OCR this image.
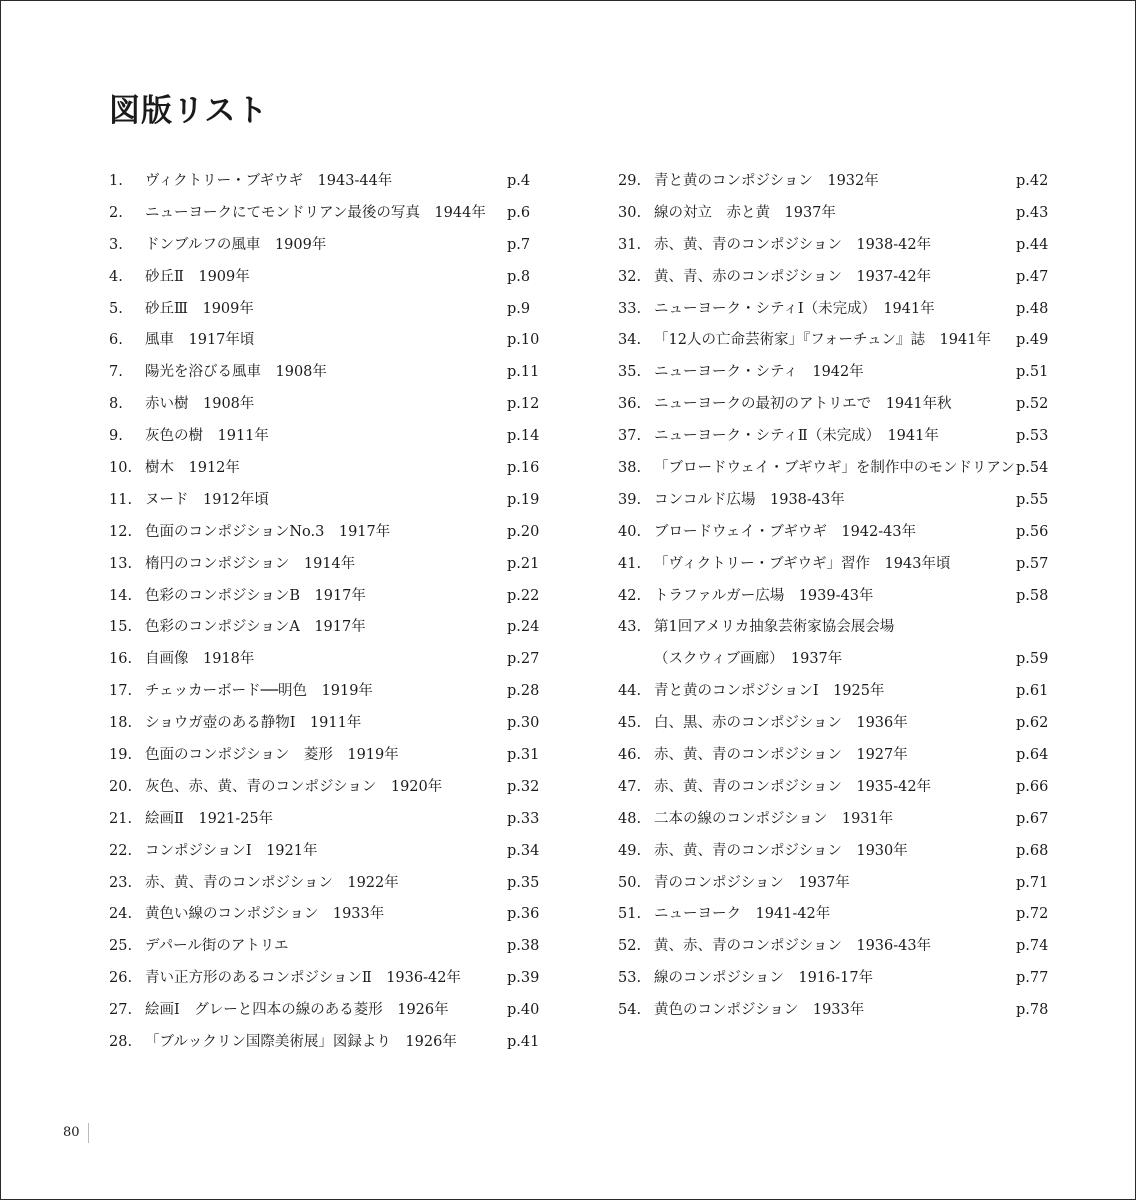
図版リスト
1. ヴィクトリー・ブギウギ　1943-44年	p.4
2. ニューヨークにてモンドリアン最後の写真　1944年 p.6
3. ドンブルフの風車　1909年	p.7
4. 砂丘Ⅱ　1909年	p.8
5. 砂丘Ⅲ　1909年	p.9
6. 風車　1917年頃	p.10
7. 陽光を浴びる風車　1908年	p.11
8. 赤い樹　1908年	p.12
9. 灰色の樹　1911年	p.14
10. 樹木　1912年	p.16
11. ヌード　1912年頃	p.19
12. 色面のコンポジションNo.3　1917年	p.20
13. 楕円のコンポジション　1914年	p.21
14. 色彩のコンポジションB　1917年	p.22
15. 色彩のコンポジションA　1917年	p.24
16. 自画像　1918年	p.27
17. チェッカーボード──明色　1919年	p.28
18. ショウガ壺のある静物Ⅰ　1911年	p.30
19. 色面のコンポジション　菱形　1919年	p.31
20. 灰色、赤、黄、青のコンポジション　1920年	p.32
21. 絵画Ⅱ　1921-25年	p.33
22. コンポジションⅠ　1921年	p.34
23. 赤、黄、青のコンポジション　1922年	p.35
24. 黄色い線のコンポジション　1933年	p.36
25. デパール街のアトリエ	p.38
26. 青い正方形のあるコンポジションⅡ　1936-42年	p.39
27. 絵画Ⅰ　グレーと四本の線のある菱形　1926年	p.40
28. 「ブルックリン国際美術展」図録より　1926年	p.41
29. 青と黄のコンポジション　1932年	p.42
30. 線の対立　赤と黄　1937年	p.43
31. 赤、黄、青のコンポジション　1938-42年	p.44
32. 黄、青、赤のコンポジション　1937-42年	p.47
33. ニューヨーク・シティⅠ（未完成）　1941年	p.48
34. 「12人の亡命芸術家」『フォーチュン』誌　1941年 p.49
35. ニューヨーク・シティ　1942年	p.51
36. ニューヨークの最初のアトリエで　1941年秋	p.52
37. ニューヨーク・シティⅡ（未完成）　1941年	p.53
38. 「ブロードウェイ・ブギウギ」を制作中のモンドリアン p.54
39. コンコルド広場　1938-43年	p.55
40. ブロードウェイ・ブギウギ　1942-43年	p.56
41. 「ヴィクトリー・ブギウギ」習作　1943年頃	p.57
42. トラファルガー広場　1939-43年	p.58
43. 第1回アメリカ抽象芸術家協会展会場
（スクウィブ画廊）　1937年	p.59
44. 青と黄のコンポジションⅠ　1925年	p.61
45. 白、黒、赤のコンポジション　1936年	p.62
46. 赤、黄、青のコンポジション　1927年	p.64
47. 赤、黄、青のコンポジション　1935-42年	p.66
48. 二本の線のコンポジション　1931年	p.67
49. 赤、黄、青のコンポジション　1930年	p.68
50. 青のコンポジション　1937年	p.71
51. ニューヨーク　1941-42年	p.72
52. 黄、赤、青のコンポジション　1936-43年	p.74
53. 線のコンポジション　1916-17年	p.77
54. 黄色のコンポジション　1933年	p.78
80
